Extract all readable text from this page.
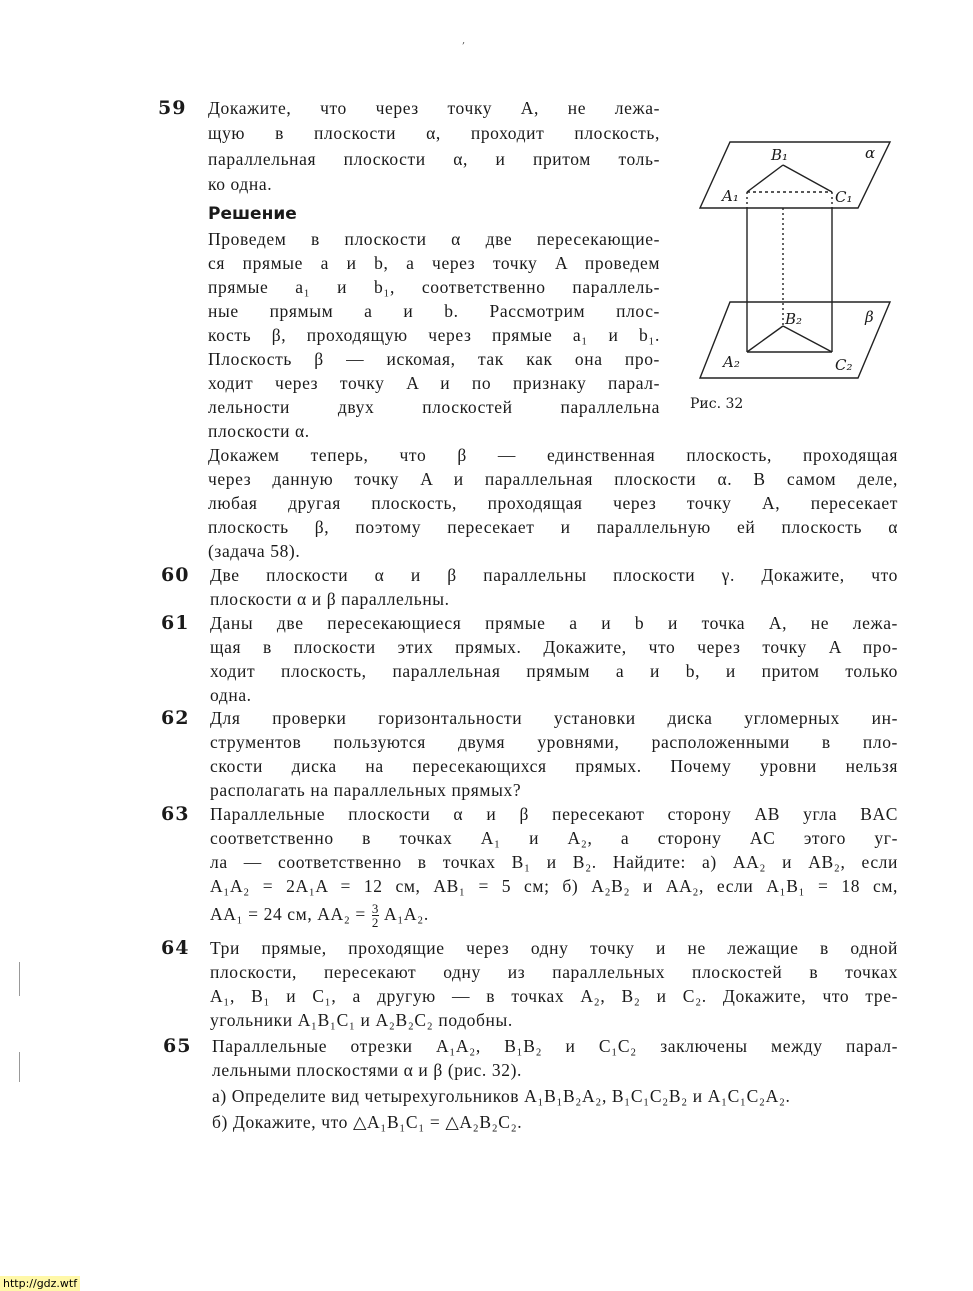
,
59 Докажите, что через точку A, не лежа-
щую в плоскости α, проходит плоскость,
параллельная плоскости α, и притом толь-
ко одна.
Решение
Проведем в плоскости α две пересекающие-
ся прямые a и b, а через точку A проведем
прямые a₁ и b₁, соответственно параллель-
ные прямым a и b. Рассмотрим плос-
кость β, проходящую через прямые a₁ и b₁.
Плоскость β — искомая, так как она про-
ходит через точку A и по признаку парал-
лельности двух плоскостей параллельна
плоскости α.
Докажем теперь, что β — единственная плоскость, проходящая
через данную точку A и параллельная плоскости α. В самом деле,
любая другая плоскость, проходящая через точку A, пересекает
плоскость β, поэтому пересекает и параллельную ей плоскость α
(задача 58).
B₁	α
A₁	C₁
B₂	β
A₂	C₂
Рис. 32
60 Две плоскости α и β параллельны плоскости γ. Докажите, что
плоскости α и β параллельны.
61 Даны две пересекающиеся прямые a и b и точка A, не лежа-
щая в плоскости этих прямых. Докажите, что через точку A про-
ходит плоскость, параллельная прямым a и b, и притом только
одна.
62 Для проверки горизонтальности установки диска угломерных ин-
струментов пользуются двумя уровнями, расположенными в пло-
скости диска на пересекающихся прямых. Почему уровни нельзя
располагать на параллельных прямых?
63 Параллельные плоскости α и β пересекают сторону AB угла BAC
соответственно в точках A₁ и A₂, а сторону AC этого уг-
ла — соответственно в точках B₁ и B₂. Найдите: а) AA₂ и AB₂, если
A₁A₂ = 2A₁A = 12 см, AB₁ = 5 см; б) A₂B₂ и AA₂, если A₁B₁ = 18 см,
AA₁ = 24 см, $AA_2 = \frac{3}{2} A_1A_2$.
64 Три прямые, проходящие через одну точку и не лежащие в одной
плоскости, пересекают одну из параллельных плоскостей в точках
A₁, B₁ и C₁, а другую — в точках A₂, B₂ и C₂. Докажите, что тре-
угольники A₁B₁C₁ и A₂B₂C₂ подобны.
65 Параллельные отрезки A₁A₂, B₁B₂ и C₁C₂ заключены между парал-
лельными плоскостями α и β (рис. 32).
а) Определите вид четырехугольников A₁B₁B₂A₂, B₁C₁C₂B₂ и A₁C₁C₂A₂.
б) Докажите, что △A₁B₁C₁ = △A₂B₂C₂.
http://gdz.wtf
